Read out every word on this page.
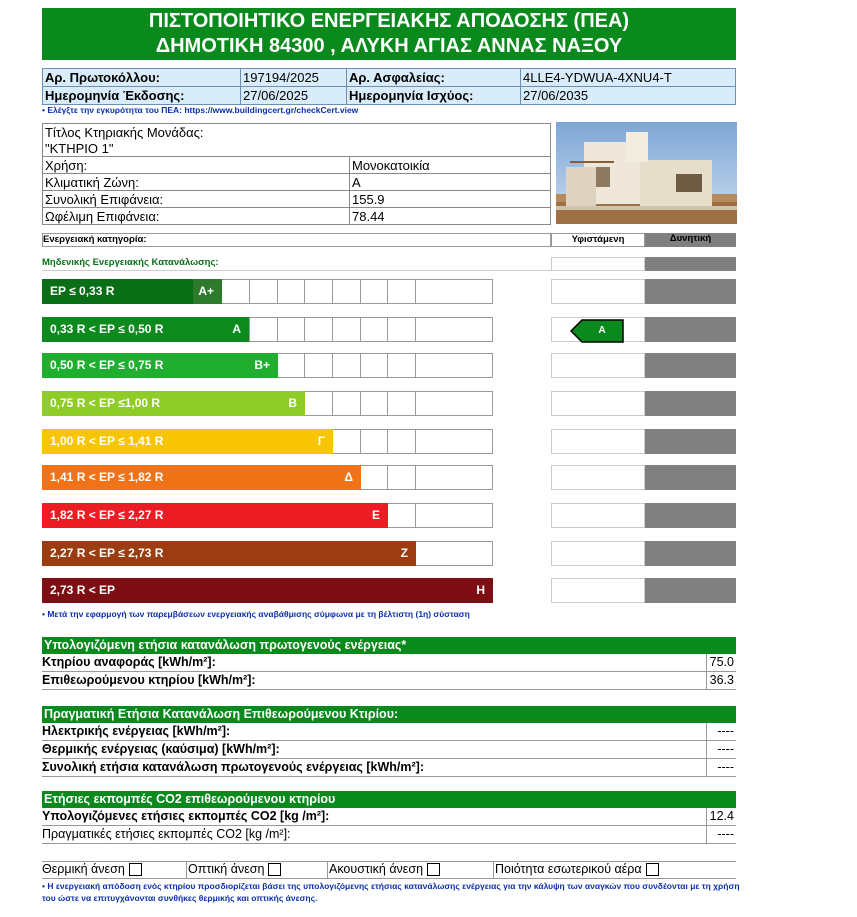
ΠΙΣΤΟΠΟΙΗΤΙΚΟ ΕΝΕΡΓΕΙΑΚΗΣ ΑΠΟΔΟΣΗΣ (ΠΕΑ)
ΔΗΜΟΤΙΚΗ 84300 , ΑΛΥΚΗ ΑΓΙΑΣ ΑΝΝΑΣ ΝΑΞΟΥ
Αρ. Πρωτοκόλλου:	197194/2025	Αρ. Ασφαλείας:	4LLE4-YDWUA-4XNU4-T
Ημερομηνία Έκδοσης:	27/06/2025	Ημερομηνία Ισχύος:	27/06/2035
• Ελέγξτε την εγκυρότητα του ΠΕΑ: https://www.buildingcert.gr/checkCert.view
Τίτλος Κτηριακής Μονάδας:	
"ΚΤΗΡΙΟ 1"	
Χρήση:	Μονοκατοικία
Κλιματική Ζώνη:	A
Συνολική Επιφάνεια:	155.9
Ωφέλιμη Επιφάνεια:	78.44
Ενεργειακή κατηγορία:	Υφιστάμενη	Δυνητική
Μηδενικής Ενεργειακής Κατανάλωσης:
EP ≤ 0,33 R	A+
0,33 R < EP ≤ 0,50 R	A
0,50 R < EP ≤ 0,75 R	B+
0,75 R < EP ≤1,00 R	B
1,00 R < EP ≤ 1,41 R	Γ
1,41 R < EP ≤ 1,82 R	Δ
1,82 R < EP ≤ 2,27 R	E
2,27 R < EP ≤ 2,73 R	Z
2,73 R < EP	H
A
• Μετά την εφαρμογή των παρεμβάσεων ενεργειακής αναβάθμισης σύμφωνα με τη βέλτιστη (1η) σύσταση
Υπολογιζόμενη ετήσια κατανάλωση πρωτογενούς ενέργειας*
Κτηρίου αναφοράς [kWh/m²]:	75.0
Επιθεωρούμενου κτηρίου [kWh/m²]:	36.3
Πραγματική Ετήσια Κατανάλωση Επιθεωρούμενου Κτιρίου:
Ηλεκτρικής ενέργειας [kWh/m²]:	----
Θερμικής ενέργειας (καύσιμα) [kWh/m²]:	----
Συνολική ετήσια κατανάλωση πρωτογενούς ενέργειας [kWh/m²]:	----
Ετήσιες εκπομπές CO2 επιθεωρούμενου κτηρίου
Υπολογιζόμενες ετήσιες εκπομπές CO2 [kg /m²]:	12.4
Πραγματικές ετήσιες εκπομπές CO2 [kg /m²]:	----
Θερμική άνεση	Οπτική άνεση	Ακουστική άνεση	Ποιότητα εσωτερικού αέρα
• Η ενεργειακή απόδοση ενός κτηρίου προσδιορίζεται βάσει της υπολογιζόμενης ετήσιας κατανάλωσης ενέργειας για την κάλυψη των αναγκών που συνδέονται με τη χρήση του ώστε να επιτυγχάνονται συνθήκες θερμικής και οπτικής άνεσης.
